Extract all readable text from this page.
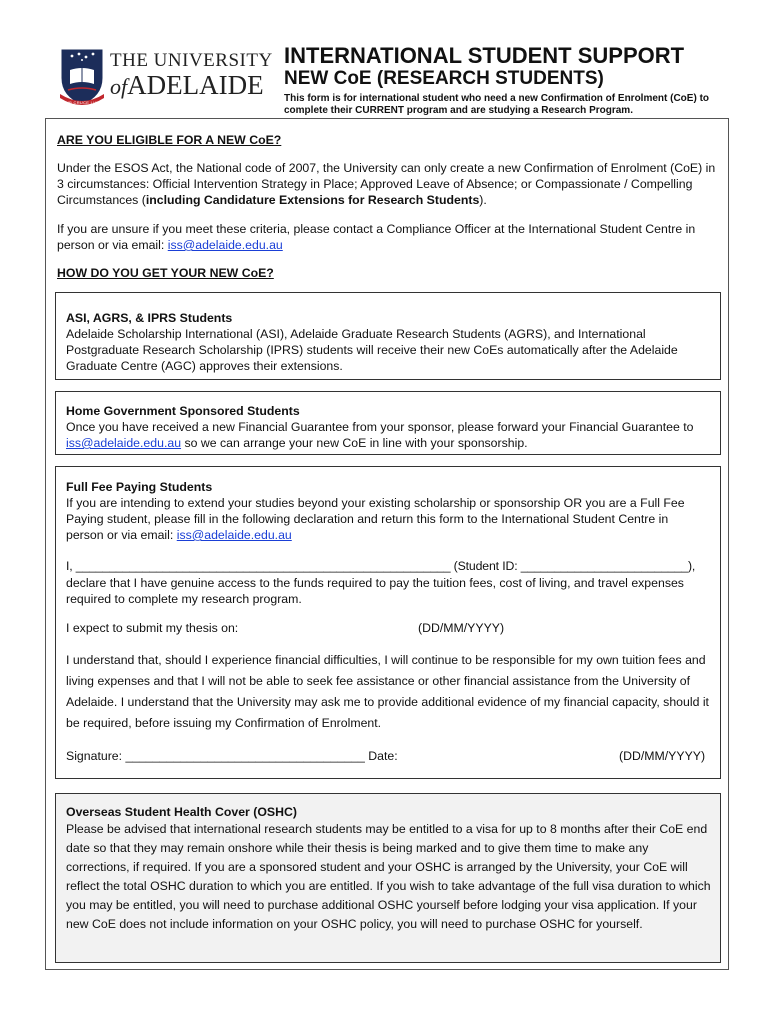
THE UNIVERSITY
ofADELAIDE
SUB CRUCE LUMEN
INTERNATIONAL STUDENT SUPPORT
NEW CoE (RESEARCH STUDENTS)
This form is for international student who need a new Confirmation of Enrolment (CoE) to complete their CURRENT program and are studying a Research Program.
ARE YOU ELIGIBLE FOR A NEW CoE?
Under the ESOS Act, the National code of 2007, the University can only create a new Confirmation of Enrolment (CoE) in 3 circumstances: Official Intervention Strategy in Place; Approved Leave of Absence; or Compassionate / Compelling Circumstances (including Candidature Extensions for Research Students).
If you are unsure if you meet these criteria, please contact a Compliance Officer at the International Student Centre in person or via email: iss@adelaide.edu.au
HOW DO YOU GET YOUR NEW CoE?
ASI, AGRS, & IPRS Students
Adelaide Scholarship International (ASI), Adelaide Graduate Research Students (AGRS), and International Postgraduate Research Scholarship (IPRS) students will receive their new CoEs automatically after the Adelaide Graduate Centre (AGC) approves their extensions.
Home Government Sponsored Students
Once you have received a new Financial Guarantee from your sponsor, please forward your Financial Guarantee to iss@adelaide.edu.au so we can arrange your new CoE in line with your sponsorship.
Full Fee Paying Students
If you are intending to extend your studies beyond your existing scholarship or sponsorship OR you are a Full Fee Paying student, please fill in the following declaration and return this form to the International Student Centre in person or via email: iss@adelaide.edu.au
I, ________________________________________________________ (Student ID: _________________________),
declare that I have genuine access to the funds required to pay the tuition fees, cost of living, and travel expenses required to complete my research program.
I expect to submit my thesis on:	(DD/MM/YYYY)
I understand that, should I experience financial difficulties, I will continue to be responsible for my own tuition fees and living expenses and that I will not be able to seek fee assistance or other financial assistance from the University of Adelaide. I understand that the University may ask me to provide additional evidence of my financial capacity, should it be required, before issuing my Confirmation of Enrolment.
Signature: ___________________________________ Date:	(DD/MM/YYYY)
Overseas Student Health Cover (OSHC)
Please be advised that international research students may be entitled to a visa for up to 8 months after their CoE end date so that they may remain onshore while their thesis is being marked and to give them time to make any corrections, if required. If you are a sponsored student and your OSHC is arranged by the University, your CoE will reflect the total OSHC duration to which you are entitled. If you wish to take advantage of the full visa duration to which you may be entitled, you will need to purchase additional OSHC yourself before lodging your visa application. If your new CoE does not include information on your OSHC policy, you will need to purchase OSHC for yourself.
